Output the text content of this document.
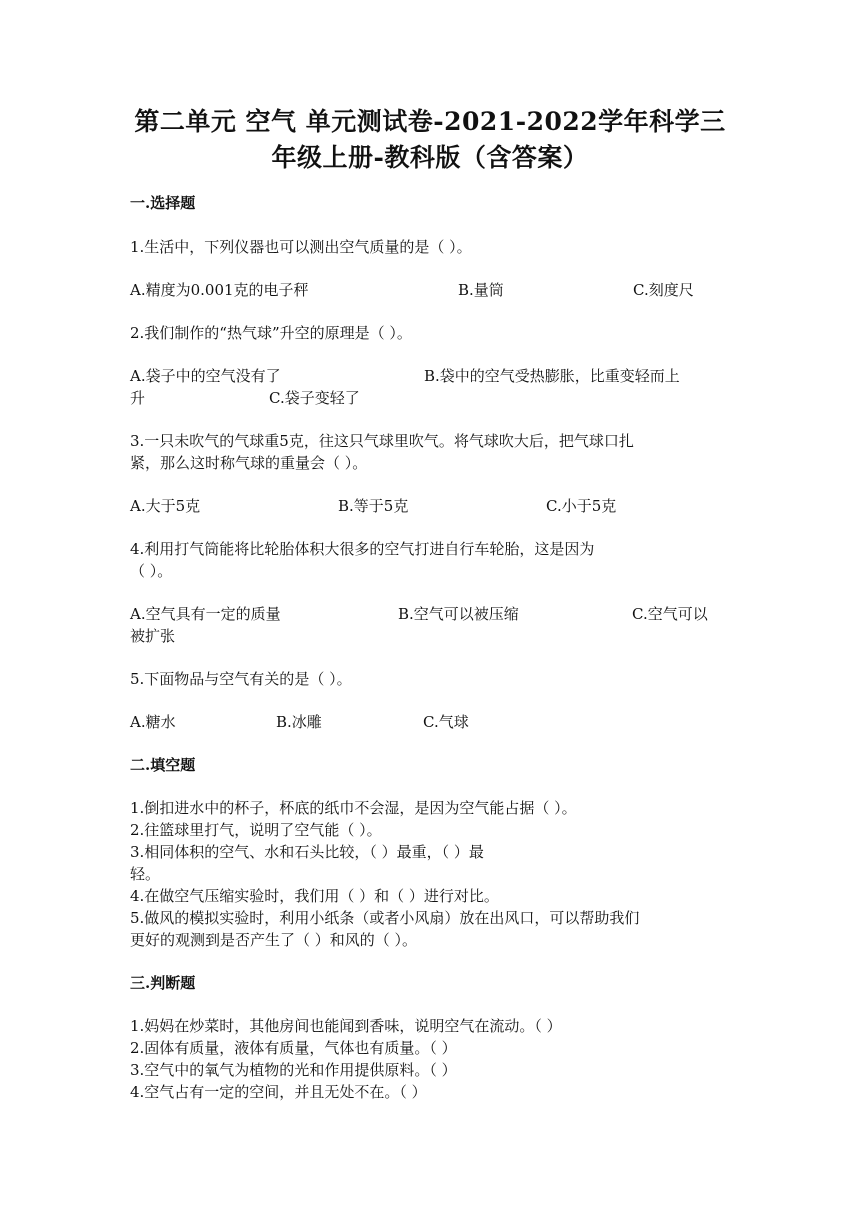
第二单元 空气 单元测试卷-2021-2022学年科学三
年级上册-教科版（含答案）
一.选择题
1.生活中，下列仪器也可以测出空气质量的是（ ）。
A.精度为0.001克的电子秤	B.量筒	C.刻度尺
2.我们制作的“热气球”升空的原理是（ ）。
A.袋子中的空气没有了	B.袋中的空气受热膨胀，比重变轻而上
升	C.袋子变轻了
3.一只未吹气的气球重5克，往这只气球里吹气。将气球吹大后，把气球口扎
紧，那么这时称气球的重量会（ ）。
A.大于5克	B.等于5克	C.小于5克
4.利用打气筒能将比轮胎体积大很多的空气打进自行车轮胎，这是因为
（ ）。
A.空气具有一定的质量	B.空气可以被压缩	C.空气可以
被扩张
5.下面物品与空气有关的是（ ）。
A.糖水	B.冰雕	C.气球
二.填空题
1.倒扣进水中的杯子，杯底的纸巾不会湿，是因为空气能占据（ ）。
2.往篮球里打气，说明了空气能（ ）。
3.相同体积的空气、水和石头比较，（ ）最重，（ ）最
轻。
4.在做空气压缩实验时，我们用（ ）和（ ）进行对比。
5.做风的模拟实验时，利用小纸条（或者小风扇）放在出风口，可以帮助我们
更好的观测到是否产生了（ ）和风的（ ）。
三.判断题
1.妈妈在炒菜时，其他房间也能闻到香味，说明空气在流动。（ ）
2.固体有质量，液体有质量，气体也有质量。（ ）
3.空气中的氧气为植物的光和作用提供原料。（ ）
4.空气占有一定的空间，并且无处不在。（ ）
